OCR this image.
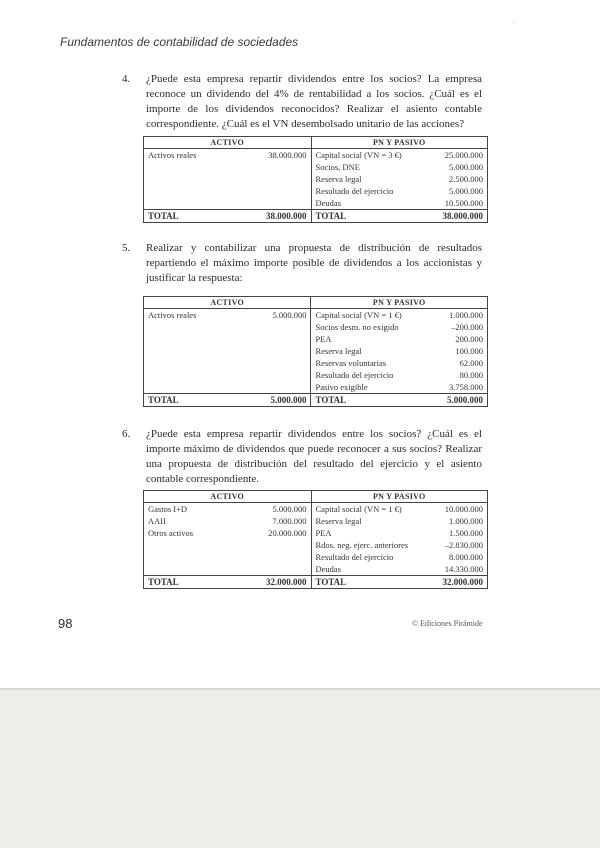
Fundamentos de contabilidad de sociedades
·
4. ¿Puede esta empresa repartir dividendos entre los socios? La empresa reconoce un dividendo del 4% de rentabilidad a los socios. ¿Cuál es el importe de los dividendos reconocidos? Realizar el asiento contable correspondiente. ¿Cuál es el VN desembolsado unitario de las acciones?
ACTIVO		PN Y PASIVO	
Activos reales	38.000.000	Capital social (VN = 3 €)	25.000.000
		Socios, DNE	5.000.000
		Reserva legal	2.500.000
		Resultado del ejercicio	5.000.000
		Deudas	10.500.000
TOTAL	38.000.000	TOTAL	38.000.000
5. Realizar y contabilizar una propuesta de distribución de resultados repartiendo el máximo importe posible de dividendos a los accionistas y justificar la respuesta:
ACTIVO		PN Y PASIVO	
Activos reales	5.000.000	Capital social (VN = 1 €)	1.000.000
		Socios desm. no exigido	–200.000
		PEA	200.000
		Reserva legal	100.000
		Reservas voluntarias	62.000
		Resultado del ejercicio	80.000
		Pasivo exigible	3.758.000
TOTAL	5.000.000	TOTAL	5.000.000
6. ¿Puede esta empresa repartir dividendos entre los socios? ¿Cuál es el importe máximo de dividendos que puede reconocer a sus socios? Realizar una propuesta de distribución del resultado del ejercicio y el asiento contable correspondiente.
ACTIVO		PN Y PASIVO	
Gastos I+D	5.000.000	Capital social (VN = 1 €)	10.000.000
AAII	7.000.000	Reserva legal	1.000.000
Otros activos	20.000.000	PEA	1.500.000
		Rdos. neg. ejerc. anteriores	–2.830.000
		Resultado del ejercicio	8.000.000
		Deudas	14.330.000
TOTAL	32.000.000	TOTAL	32.000.000
98	© Ediciones Pirámide
